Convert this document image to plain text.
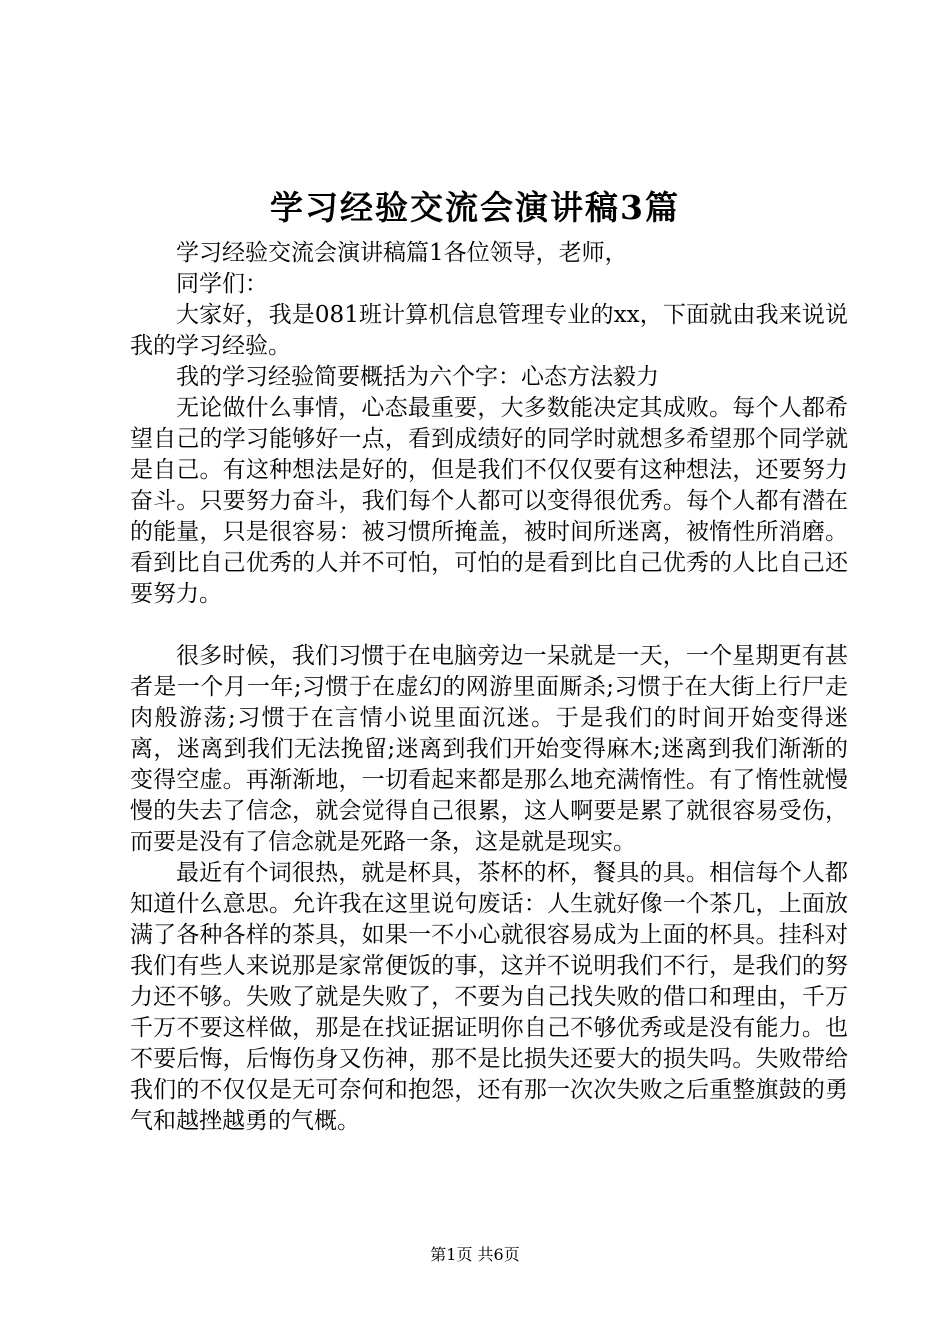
学习经验交流会演讲稿3篇

学习经验交流会演讲稿篇1各位领导，老师，

同学们：

大家好，我是081班计算机信息管理专业的xx，下面就由我来说说我的学习经验。

我的学习经验简要概括为六个字：心态方法毅力

无论做什么事情，心态最重要，大多数能决定其成败。每个人都希望自己的学习能够好一点，看到成绩好的同学时就想多希望那个同学就是自己。有这种想法是好的，但是我们不仅仅要有这种想法，还要努力奋斗。只要努力奋斗，我们每个人都可以变得很优秀。每个人都有潜在的能量，只是很容易：被习惯所掩盖，被时间所迷离，被惰性所消磨。看到比自己优秀的人并不可怕，可怕的是看到比自己优秀的人比自己还要努力。

很多时候，我们习惯于在电脑旁边一呆就是一天，一个星期更有甚者是一个月一年;习惯于在虚幻的网游里面厮杀;习惯于在大街上行尸走肉般游荡;习惯于在言情小说里面沉迷。于是我们的时间开始变得迷离，迷离到我们无法挽留;迷离到我们开始变得麻木;迷离到我们渐渐的变得空虚。再渐渐地，一切看起来都是那么地充满惰性。有了惰性就慢慢的失去了信念，就会觉得自己很累，这人啊要是累了就很容易受伤，而要是没有了信念就是死路一条，这是就是现实。

最近有个词很热，就是杯具，茶杯的杯，餐具的具。相信每个人都知道什么意思。允许我在这里说句废话：人生就好像一个茶几，上面放满了各种各样的茶具，如果一不小心就很容易成为上面的杯具。挂科对我们有些人来说那是家常便饭的事，这并不说明我们不行，是我们的努力还不够。失败了就是失败了，不要为自己找失败的借口和理由，千万千万不要这样做，那是在找证据证明你自己不够优秀或是没有能力。也不要后悔，后悔伤身又伤神，那不是比损失还要大的损失吗。失败带给我们的不仅仅是无可奈何和抱怨，还有那一次次失败之后重整旗鼓的勇气和越挫越勇的气概。

第1页 共6页
